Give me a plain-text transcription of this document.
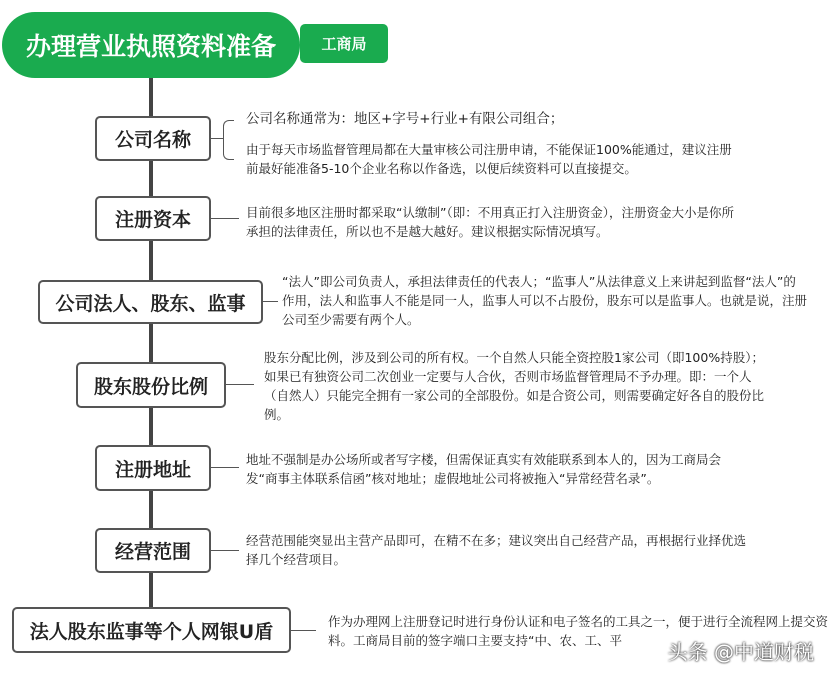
办理营业执照资料准备	工商局
公司名称
公司名称通常为：地区+字号+行业+有限公司组合；
由于每天市场监督管理局都在大量审核公司注册申请，不能保证100%能通过，建议注册前最好能准备5-10个企业名称以作备选，以便后续资料可以直接提交。
注册资本	目前很多地区注册时都采取“认缴制”（即：不用真正打入注册资金），注册资金大小是你所承担的法律责任，所以也不是越大越好。建议根据实际情况填写。
公司法人、股东、监事
“法人”即公司负责人，承担法律责任的代表人；“监事人”从法律意义上来讲起到监督“法人”的作用，法人和监事人不能是同一人，监事人可以不占股份，股东可以是监事人。也就是说，注册公司至少需要有两个人。
股东股份比例
股东分配比例，涉及到公司的所有权。一个自然人只能全资控股1家公司（即100%持股）；如果已有独资公司二次创业一定要与人合伙，否则市场监督管理局不予办理。即：一个人（自然人）只能完全拥有一家公司的全部股份。如是合资公司，则需要确定好各自的股份比例。
注册地址	地址不强制是办公场所或者写字楼，但需保证真实有效能联系到本人的，因为工商局会发“商事主体联系信函”核对地址；虚假地址公司将被拖入“异常经营名录”。
经营范围
经营范围能突显出主营产品即可，在精不在多；建议突出自己经营产品，再根据行业择优选择几个经营项目。
法人股东监事等个人网银U盾	作为办理网上注册登记时进行身份认证和电子签名的工具之一，便于进行全流程网上提交资料。工商局目前的签字端口主要支持“中、农、工、平	头条 @中道财税
